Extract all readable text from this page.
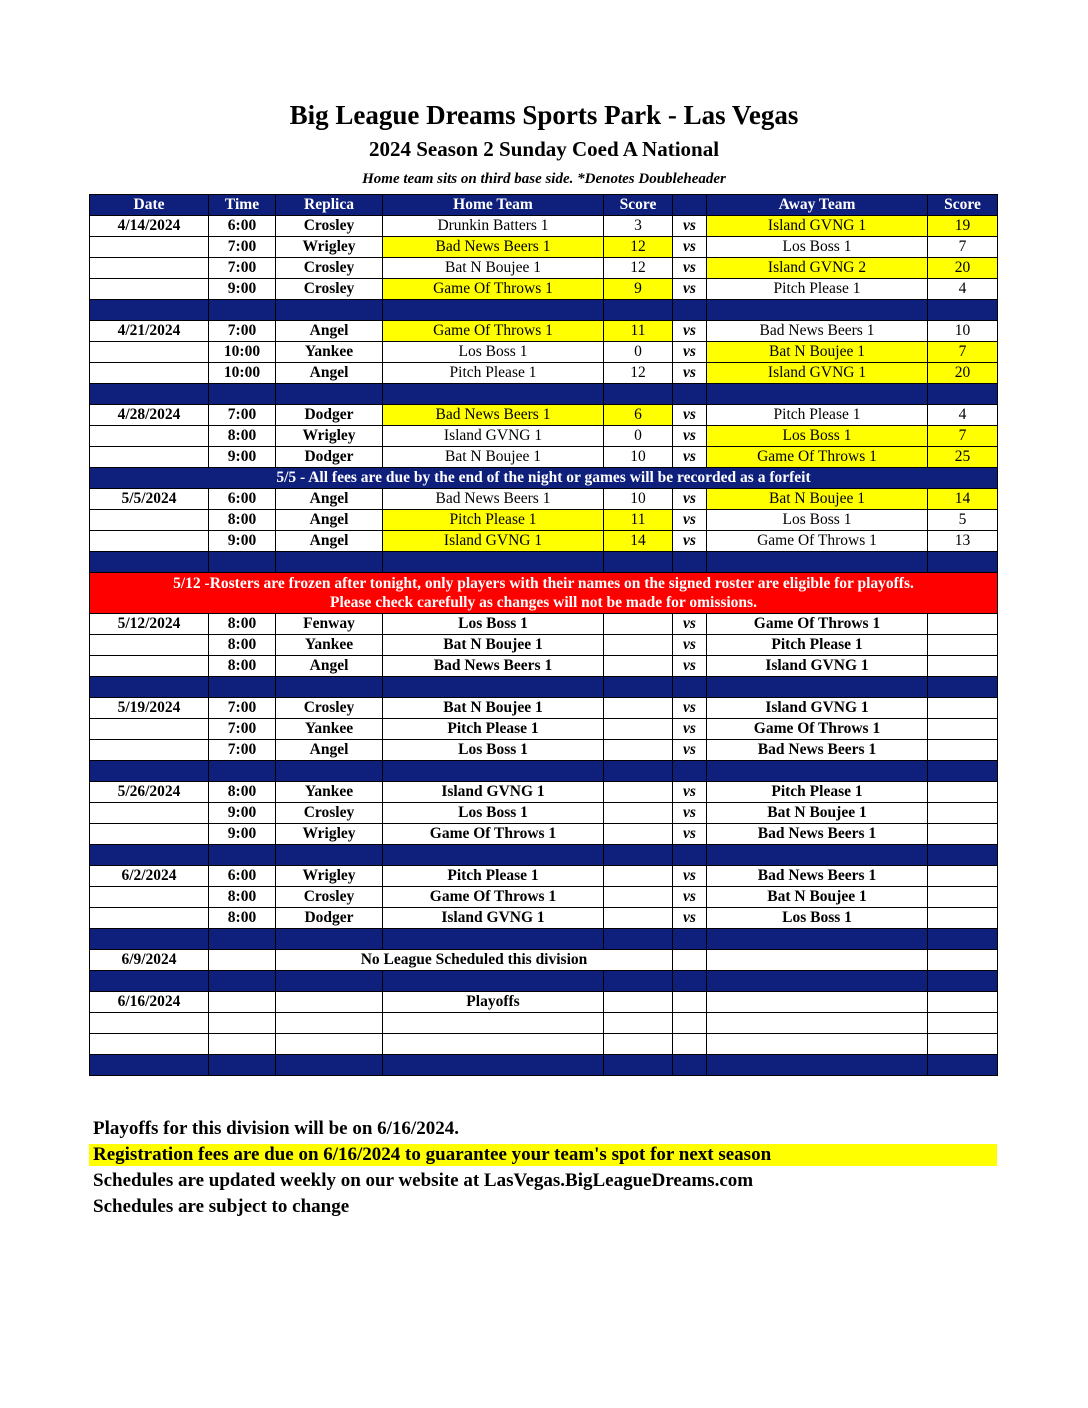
Big League Dreams Sports Park - Las Vegas
2024 Season 2 Sunday Coed A National
Home team sits on third base side. *Denotes Doubleheader
Date	Time	Replica	Home Team	Score		Away Team	Score
4/14/2024	6:00	Crosley	Drunkin Batters 1	3	vs	Island GVNG 1	19
	7:00	Wrigley	Bad News Beers 1	12	vs	Los Boss 1	7
	7:00	Crosley	Bat N Boujee 1	12	vs	Island GVNG 2	20
	9:00	Crosley	Game Of Throws 1	9	vs	Pitch Please 1	4

4/21/2024	7:00	Angel	Game Of Throws 1	11	vs	Bad News Beers 1	10
	10:00	Yankee	Los Boss 1	0	vs	Bat N Boujee 1	7
	10:00	Angel	Pitch Please 1	12	vs	Island GVNG 1	20

4/28/2024	7:00	Dodger	Bad News Beers 1	6	vs	Pitch Please 1	4
	8:00	Wrigley	Island GVNG 1	0	vs	Los Boss 1	7
	9:00	Dodger	Bat N Boujee 1	10	vs	Game Of Throws 1	25
5/5 - All fees are due by the end of the night or games will be recorded as a forfeit							
5/5/2024	6:00	Angel	Bad News Beers 1	10	vs	Bat N Boujee 1	14
	8:00	Angel	Pitch Please 1	11	vs	Los Boss 1	5
	9:00	Angel	Island GVNG 1	14	vs	Game Of Throws 1	13

5/12 -Rosters are frozen after tonight, only players with their names on the signed roster are eligible for playoffs.
Please check carefully as changes will not be made for omissions.							

5/12/2024	8:00	Fenway	Los Boss 1		vs	Game Of Throws 1	
	8:00	Yankee	Bat N Boujee 1		vs	Pitch Please 1	
	8:00	Angel	Bad News Beers 1		vs	Island GVNG 1	

5/19/2024	7:00	Crosley	Bat N Boujee 1		vs	Island GVNG 1	
	7:00	Yankee	Pitch Please 1		vs	Game Of Throws 1	
	7:00	Angel	Los Boss 1		vs	Bad News Beers 1	

5/26/2024	8:00	Yankee	Island GVNG 1		vs	Pitch Please 1	
	9:00	Crosley	Los Boss 1		vs	Bat N Boujee 1	
	9:00	Wrigley	Game Of Throws 1		vs	Bad News Beers 1	

6/2/2024	6:00	Wrigley	Pitch Please 1		vs	Bad News Beers 1	
	8:00	Crosley	Game Of Throws 1		vs	Bat N Boujee 1	
	8:00	Dodger	Island GVNG 1		vs	Los Boss 1	

6/9/2024		No League Scheduled this division					

6/16/2024			Playoffs				

Playoffs for this division will be on 6/16/2024.
Registration fees are due on 6/16/2024 to guarantee your team's spot for next season
Schedules are updated weekly on our website at LasVegas.BigLeagueDreams.com
Schedules are subject to change
